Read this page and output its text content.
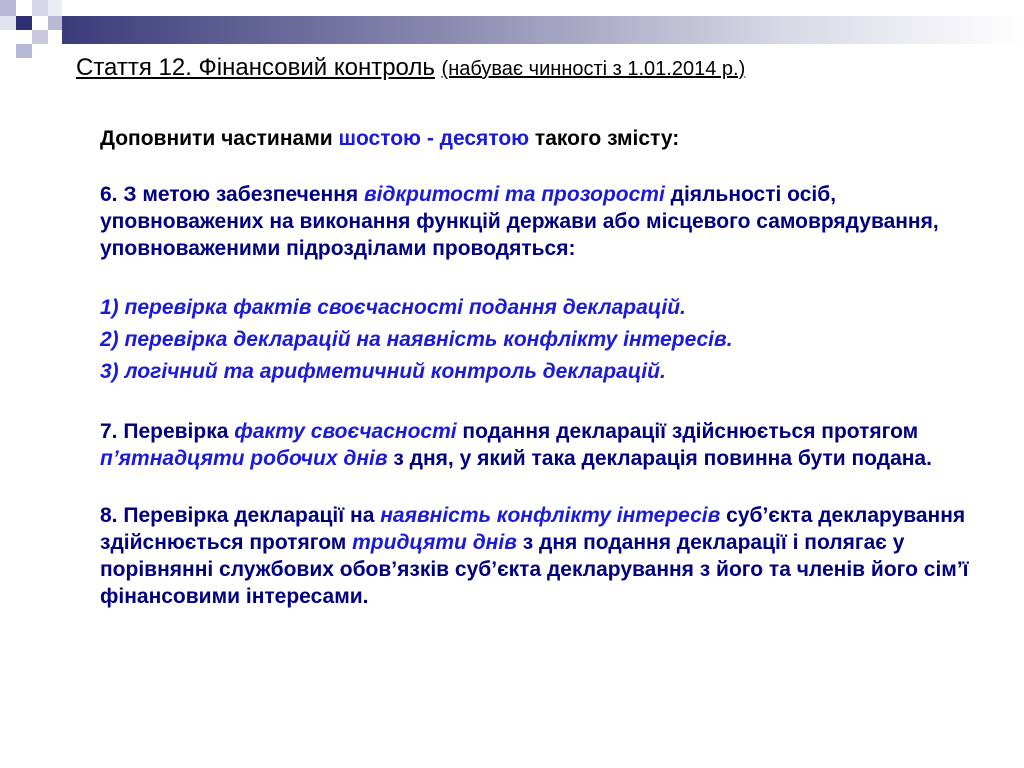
Стаття 12. Фінансовий контроль (набуває чинності з 1.01.2014 р.)
Доповнити частинами шостою - десятою такого змісту:
6. З метою забезпечення відкритості та прозорості діяльності осіб, уповноважених на виконання функцій держави або місцевого самоврядування, уповноваженими підрозділами проводяться:
1) перевірка фактів своєчасності подання декларацій.
2) перевірка декларацій на наявність конфлікту інтересів.
3) логічний та арифметичний контроль декларацій.
7. Перевірка факту своєчасності подання декларації здійснюється протягом п’ятнадцяти робочих днів з дня, у який така декларація повинна бути подана.
8. Перевірка декларації на наявність конфлікту інтересів суб’єкта декларування здійснюється протягом тридцяти днів з дня подання декларації і полягає у порівнянні службових обов’язків суб’єкта декларування з його та членів його сім’ї фінансовими інтересами.
